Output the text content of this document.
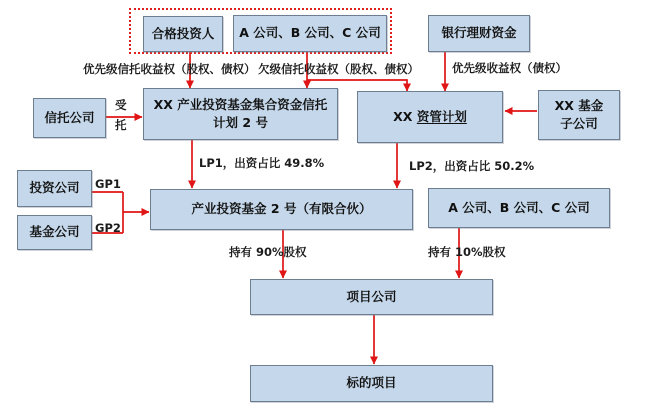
合格投资人 A 公司、B 公司、C 公司	银行理财资金
优先级信托收益权（股权、债权） 欠级信托收益权（股权、债权）	优先级收益权（债权）
信托公司
受
托
XX 产业投资基金集合资金信托
计划 2 号	XX 资管计划
XX 基金
子公司
LP1，出资占比 49.8%	LP2，出资占比 50.2%
投资公司
基金公司
GP1
GP2
产业投资基金 2 号（有限合伙）	A 公司、B 公司、C 公司
持有 90%股权	持有 10%股权
项目公司
标的项目
